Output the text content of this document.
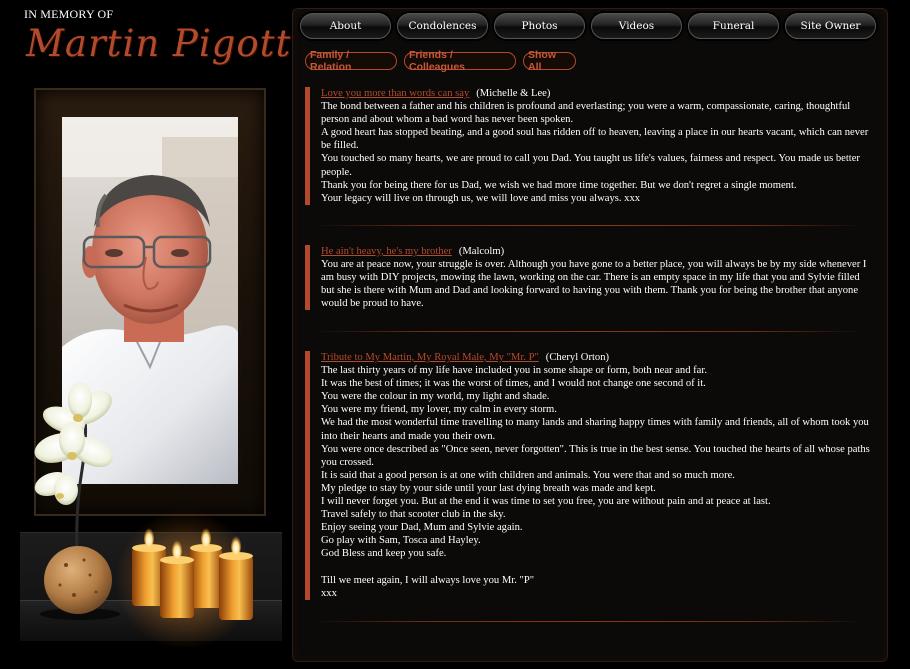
IN MEMORY OF
Martin Pigott	About	Condolences	Photos	Videos	Funeral	Site Owner
Family / Relation
Friends / Colleagues
Show All
Love you more than words can say (Michelle & Lee)
The bond between a father and his children is profound and everlasting; you were a warm, compassionate, caring, thoughtful person and about whom a bad word has never been spoken.
A good heart has stopped beating, and a good soul has ridden off to heaven, leaving a place in our hearts vacant, which can never be filled.
You touched so many hearts, we are proud to call you Dad. You taught us life's values, fairness and respect. You made us better people.
Thank you for being there for us Dad, we wish we had more time together. But we don't regret a single moment.
Your legacy will live on through us, we will love and miss you always. xxx
He ain't heavy, he's my brother (Malcolm)
You are at peace now, your struggle is over. Although you have gone to a better place, you will always be by my side whenever I am busy with DIY projects, mowing the lawn, working on the car. There is an empty space in my life that you and Sylvie filled but she is there with Mum and Dad and looking forward to having you with them. Thank you for being the brother that anyone would be proud to have.
Tribute to My Martin, My Royal Male, My "Mr. P" (Cheryl Orton)
The last thirty years of my life have included you in some shape or form, both near and far.
It was the best of times; it was the worst of times, and I would not change one second of it.
You were the colour in my world, my light and shade.
You were my friend, my lover, my calm in every storm.
We had the most wonderful time travelling to many lands and sharing happy times with family and friends, all of whom took you into their hearts and made you their own.
You were once described as "Once seen, never forgotten". This is true in the best sense. You touched the hearts of all whose paths you crossed.
It is said that a good person is at one with children and animals. You were that and so much more.
My pledge to stay by your side until your last dying breath was made and kept.
I will never forget you. But at the end it was time to set you free, you are without pain and at peace at last.
Travel safely to that scooter club in the sky.
Enjoy seeing your Dad, Mum and Sylvie again.
Go play with Sam, Tosca and Hayley.
God Bless and keep you safe.
Till we meet again, I will always love you Mr. "P"
xxx
